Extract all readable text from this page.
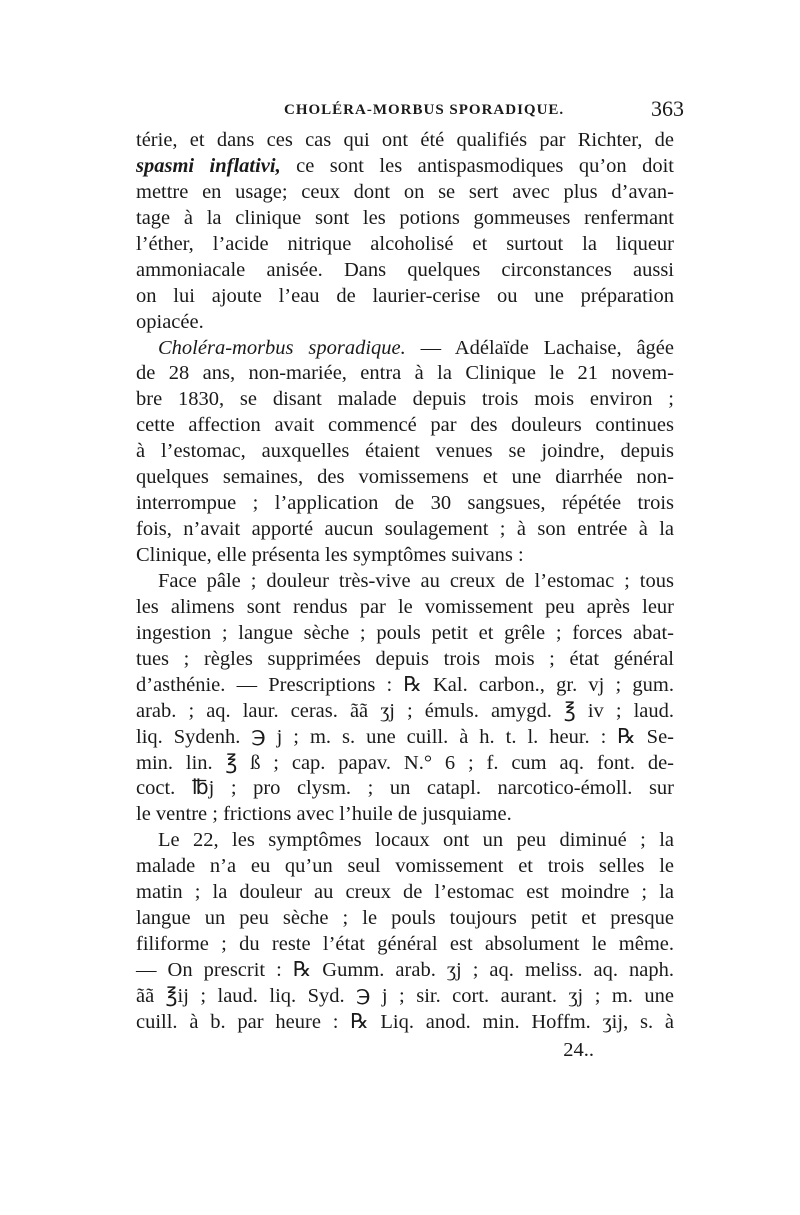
CHOLÉRA-MORBUS SPORADIQUE.	363
térie, et dans ces cas qui ont été qualifiés par Richter, de
spasmi inflativi, ce sont les antispasmodiques qu’on doit
mettre en usage; ceux dont on se sert avec plus d’avan-
tage à la clinique sont les potions gommeuses renfermant
l’éther, l’acide nitrique alcoholisé et surtout la liqueur
ammoniacale anisée. Dans quelques circonstances aussi
on lui ajoute l’eau de laurier-cerise ou une préparation
opiacée.
Choléra-morbus sporadique. — Adélaïde Lachaise, âgée
de 28 ans, non-mariée, entra à la Clinique le 21 novem-
bre 1830, se disant malade depuis trois mois environ ;
cette affection avait commencé par des douleurs continues
à l’estomac, auxquelles étaient venues se joindre, depuis
quelques semaines, des vomissemens et une diarrhée non-
interrompue ; l’application de 30 sangsues, répétée trois
fois, n’avait apporté aucun soulagement ; à son entrée à la
Clinique, elle présenta les symptômes suivans :
Face pâle ; douleur très-vive au creux de l’estomac ; tous
les alimens sont rendus par le vomissement peu après leur
ingestion ; langue sèche ; pouls petit et grêle ; forces abat-
tues ; règles supprimées depuis trois mois ; état général
d’asthénie. — Prescriptions : ℞ Kal. carbon., gr. vj ; gum.
arab. ; aq. laur. ceras. ãã ʒj ; émuls. amygd. ℥ iv ; laud.
liq. Sydenh. ℈ j ; m. s. une cuill. à h. t. l. heur. : ℞ Se-
min. lin. ℥ ß ; cap. papav. N.° 6 ; f. cum aq. font. de-
coct. ℔j ; pro clysm. ; un catapl. narcotico-émoll. sur
le ventre ; frictions avec l’huile de jusquiame.
Le 22, les symptômes locaux ont un peu diminué ; la
malade n’a eu qu’un seul vomissement et trois selles le
matin ; la douleur au creux de l’estomac est moindre ; la
langue un peu sèche ; le pouls toujours petit et presque
filiforme ; du reste l’état général est absolument le même.
— On prescrit : ℞ Gumm. arab. ʒj ; aq. meliss. aq. naph.
ãã ℥ij ; laud. liq. Syd. ℈ j ; sir. cort. aurant. ʒj ; m. une
cuill. à b. par heure : ℞ Liq. anod. min. Hoffm. ʒij, s. à
24..
